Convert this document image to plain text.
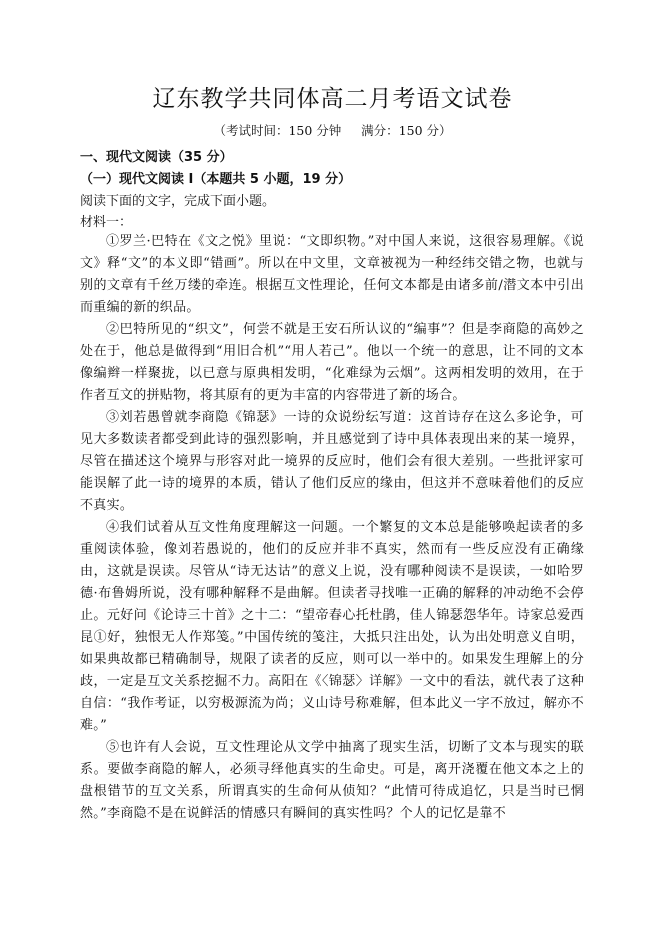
辽东教学共同体高二月考语文试卷
（考试时间：150 分钟     满分：150 分）
一、现代文阅读（35 分）
（一）现代文阅读 I（本题共 5 小题，19 分）
阅读下面的文字，完成下面小题。
材料一：

①罗兰·巴特在《文之悦》里说：“文即织物。”对中国人来说，这很容易理解。《说文》释“文”的本义即“错画”。所以在中文里，文章被视为一种经纬交错之物，也就与别的文章有千丝万缕的牵连。根据互文性理论，任何文本都是由诸多前/潜文本中引出而重编的新的织品。

②巴特所见的“织文”，何尝不就是王安石所认议的“编事”？但是李商隐的高妙之处在于，他总是做得到“用旧合机”“用人若己”。他以一个统一的意思，让不同的文本像编辫一样聚拢，以已意与原典相发明，“化难绿为云烟”。这两相发明的效用，在于作者互文的拼贴物，将其原有的更为丰富的内容带进了新的场合。

③刘若愚曾就李商隐《锦瑟》一诗的众说纷纭写道：这首诗存在这么多论争，可见大多数读者都受到此诗的强烈影响，并且感觉到了诗中具体表现出来的某一境界，尽管在描述这个境界与形容对此一境界的反应时，他们会有很大差别。一些批评家可能误解了此一诗的境界的本质，错认了他们反应的缘由，但这并不意味着他们的反应不真实。

④我们试着从互文性角度理解这一问题。一个繁复的文本总是能够唤起读者的多重阅读体验，像刘若愚说的，他们的反应并非不真实，然而有一些反应没有正确缘由，这就是误读。尽管从“诗无达诂”的意义上说，没有哪种阅读不是误读，一如哈罗德·布鲁姆所说，没有哪种解释不是曲解。但读者寻找唯一正确的解释的冲动绝不会停止。元好问《论诗三十首》之十二：“望帝春心托杜鹃，佳人锦瑟怨华年。诗家总爱西昆①好，独恨无人作郑笺。”中国传统的笺注，大抵只注出处，认为出处明意义自明，如果典故都已精确制导，规限了读者的反应，则可以一举中的。如果发生理解上的分歧，一定是互文关系挖掘不力。高阳在《〈锦瑟〉详解》一文中的看法，就代表了这种自信：“我作考证，以穷极源流为尚；义山诗号称难解，但本此义一字不放过，解亦不难。”

⑤也许有人会说，互文性理论从文学中抽离了现实生活，切断了文本与现实的联系。要做李商隐的解人，必须寻绎他真实的生命史。可是，离开浇覆在他文本之上的盘根错节的互文关系，所谓真实的生命何从侦知？“此情可待成追忆，只是当时已惘然。”李商隐不是在说鲜活的情感只有瞬间的真实性吗？个人的记忆是靠不
